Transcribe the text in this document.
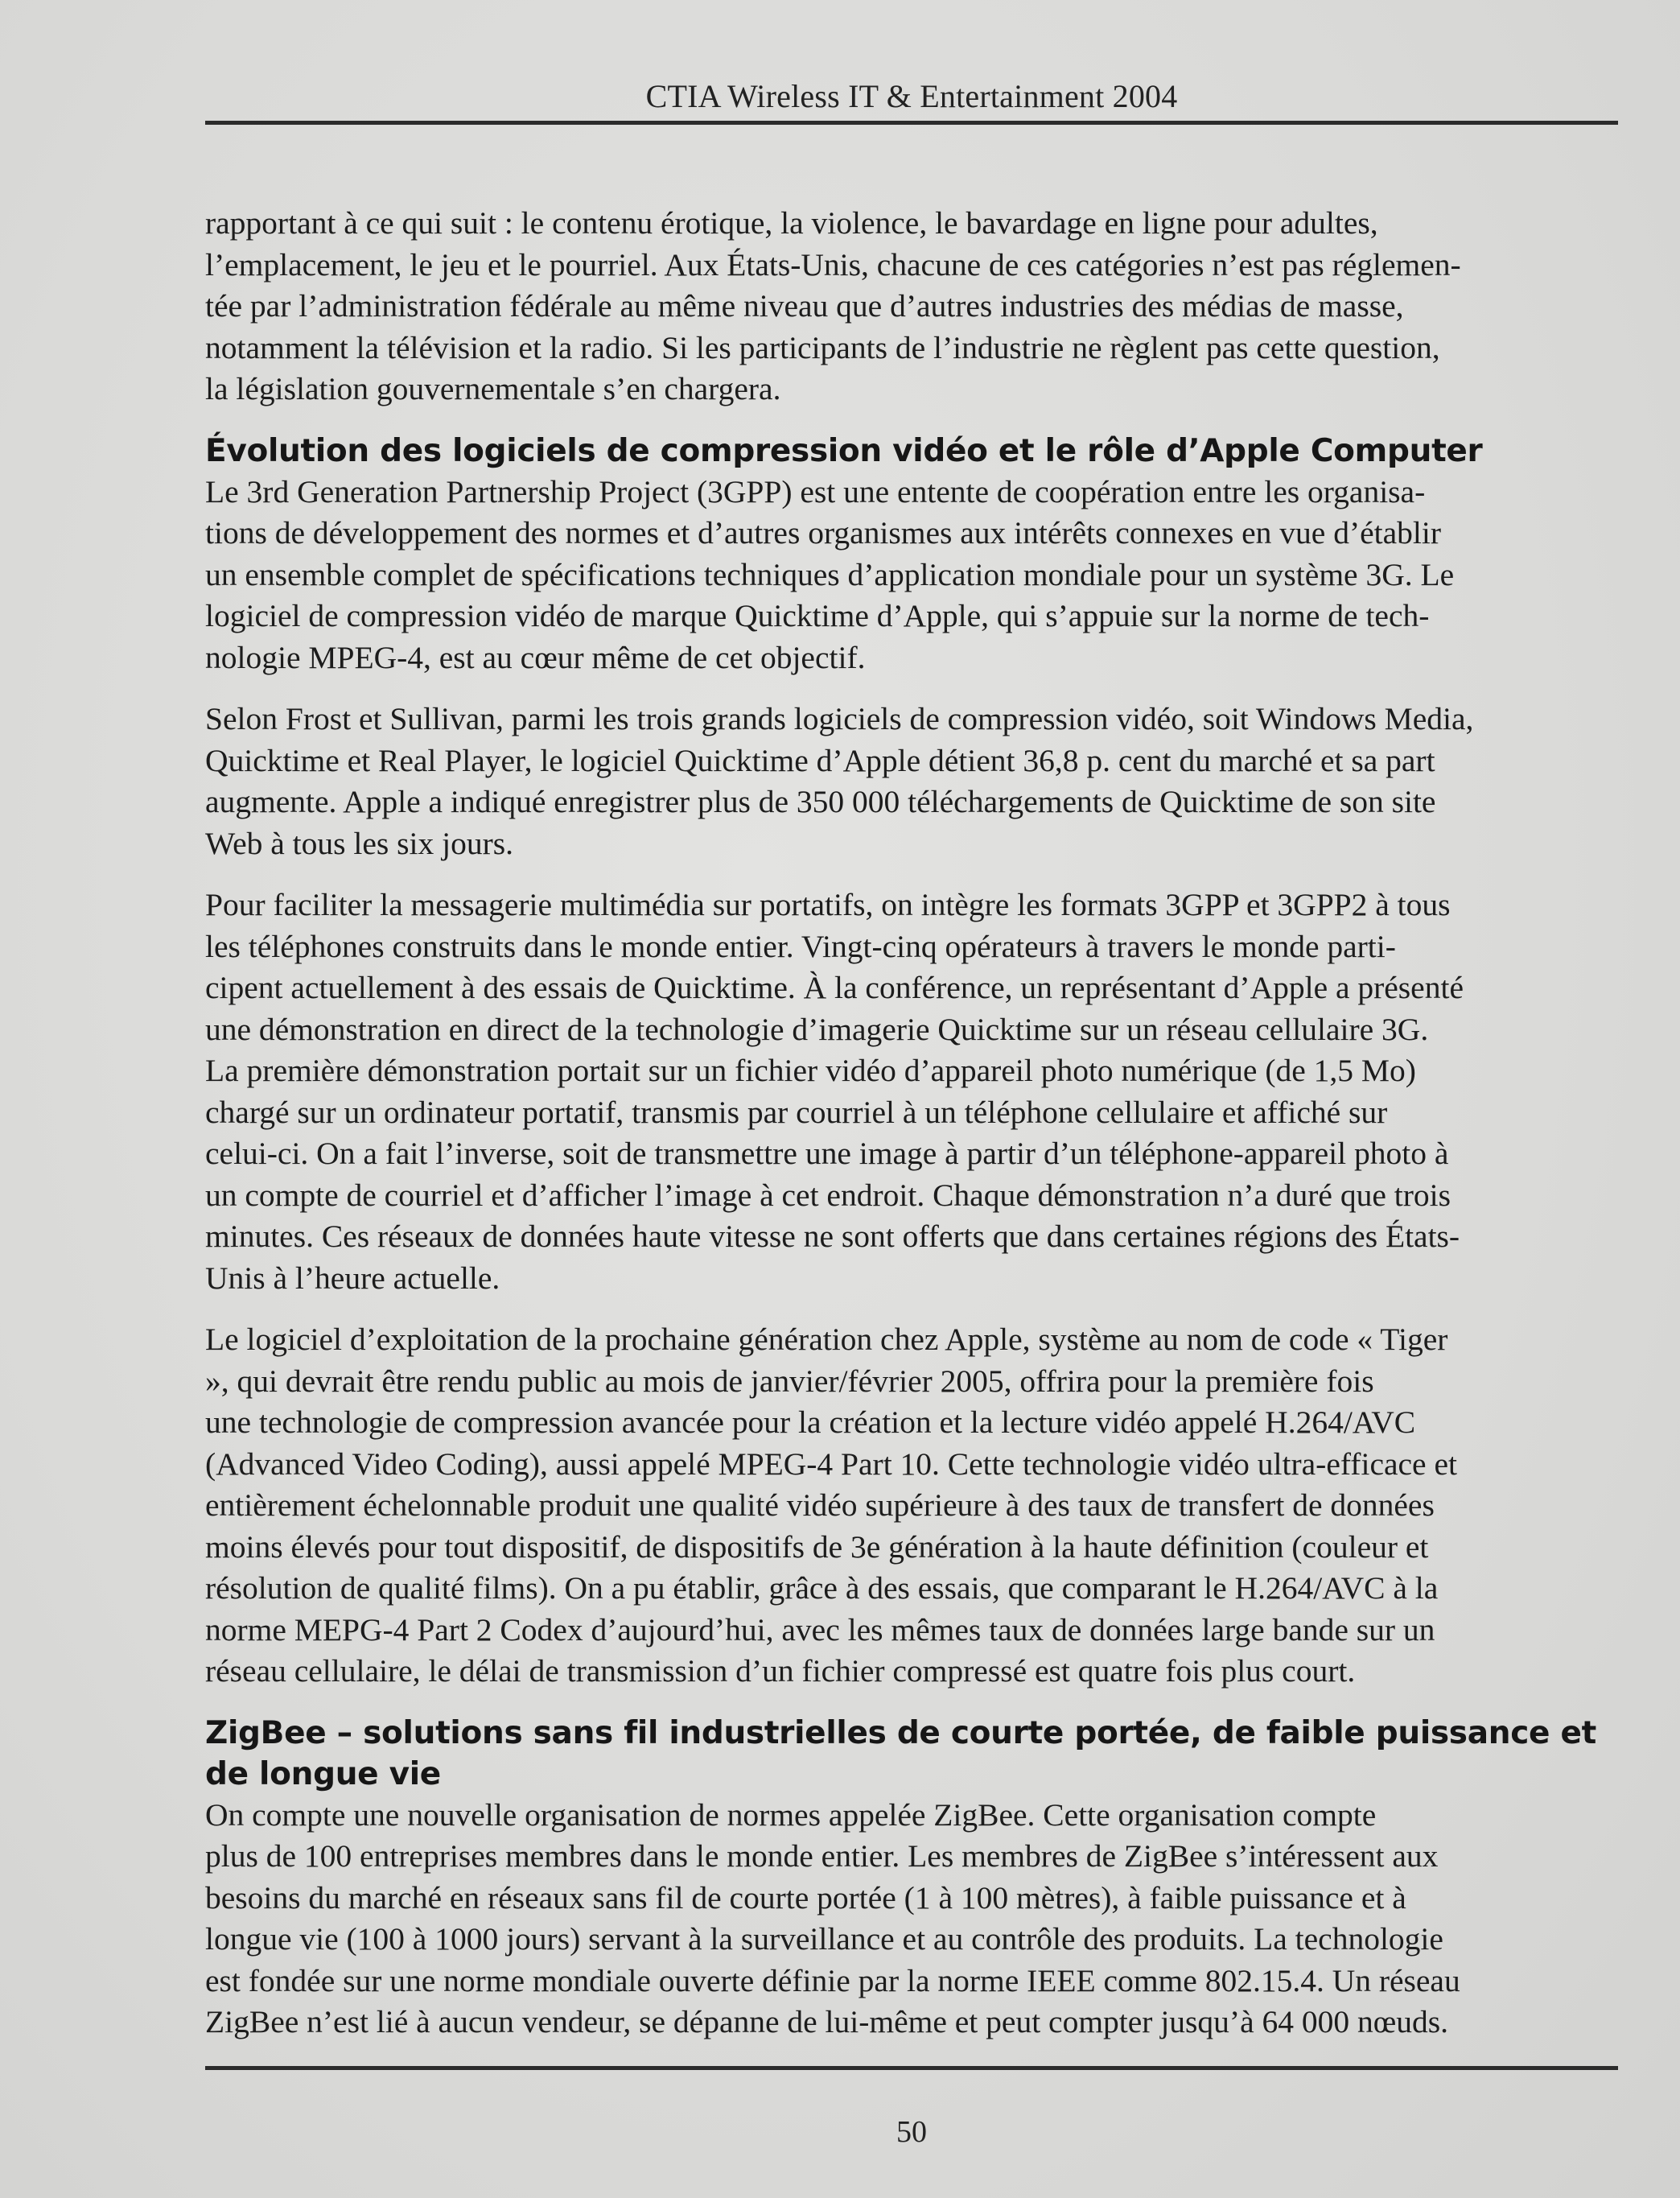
CTIA Wireless IT & Entertainment 2004

rapportant à ce qui suit : le contenu érotique, la violence, le bavardage en ligne pour adultes,
l’emplacement, le jeu et le pourriel. Aux États-Unis, chacune de ces catégories n’est pas réglemen-
tée par l’administration fédérale au même niveau que d’autres industries des médias de masse,
notamment la télévision et la radio. Si les participants de l’industrie ne règlent pas cette question,
la législation gouvernementale s’en chargera.

Évolution des logiciels de compression vidéo et le rôle d’Apple Computer

Le 3rd Generation Partnership Project (3GPP) est une entente de coopération entre les organisa-
tions de développement des normes et d’autres organismes aux intérêts connexes en vue d’établir
un ensemble complet de spécifications techniques d’application mondiale pour un système 3G. Le
logiciel de compression vidéo de marque Quicktime d’Apple, qui s’appuie sur la norme de tech-
nologie MPEG-4, est au cœur même de cet objectif.

Selon Frost et Sullivan, parmi les trois grands logiciels de compression vidéo, soit Windows Media,
Quicktime et Real Player, le logiciel Quicktime d’Apple détient 36,8 p. cent du marché et sa part
augmente. Apple a indiqué enregistrer plus de 350 000 téléchargements de Quicktime de son site
Web à tous les six jours.

Pour faciliter la messagerie multimédia sur portatifs, on intègre les formats 3GPP et 3GPP2 à tous
les téléphones construits dans le monde entier. Vingt-cinq opérateurs à travers le monde parti-
cipent actuellement à des essais de Quicktime. À la conférence, un représentant d’Apple a présenté
une démonstration en direct de la technologie d’imagerie Quicktime sur un réseau cellulaire 3G.
La première démonstration portait sur un fichier vidéo d’appareil photo numérique (de 1,5 Mo)
chargé sur un ordinateur portatif, transmis par courriel à un téléphone cellulaire et affiché sur
celui-ci. On a fait l’inverse, soit de transmettre une image à partir d’un téléphone-appareil photo à
un compte de courriel et d’afficher l’image à cet endroit. Chaque démonstration n’a duré que trois
minutes. Ces réseaux de données haute vitesse ne sont offerts que dans certaines régions des États-
Unis à l’heure actuelle.

Le logiciel d’exploitation de la prochaine génération chez Apple, système au nom de code « Tiger
», qui devrait être rendu public au mois de janvier/février 2005, offrira pour la première fois
une technologie de compression avancée pour la création et la lecture vidéo appelé H.264/AVC
(Advanced Video Coding), aussi appelé MPEG-4 Part 10. Cette technologie vidéo ultra-efficace et
entièrement échelonnable produit une qualité vidéo supérieure à des taux de transfert de données
moins élevés pour tout dispositif, de dispositifs de 3e génération à la haute définition (couleur et
résolution de qualité films). On a pu établir, grâce à des essais, que comparant le H.264/AVC à la
norme MEPG-4 Part 2 Codex d’aujourd’hui, avec les mêmes taux de données large bande sur un
réseau cellulaire, le délai de transmission d’un fichier compressé est quatre fois plus court.

ZigBee – solutions sans fil industrielles de courte portée, de faible puissance et
de longue vie

On compte une nouvelle organisation de normes appelée ZigBee. Cette organisation compte
plus de 100 entreprises membres dans le monde entier. Les membres de ZigBee s’intéressent aux
besoins du marché en réseaux sans fil de courte portée (1 à 100 mètres), à faible puissance et à
longue vie (100 à 1000 jours) servant à la surveillance et au contrôle des produits. La technologie
est fondée sur une norme mondiale ouverte définie par la norme IEEE comme 802.15.4. Un réseau
ZigBee n’est lié à aucun vendeur, se dépanne de lui-même et peut compter jusqu’à 64 000 nœuds.

50
